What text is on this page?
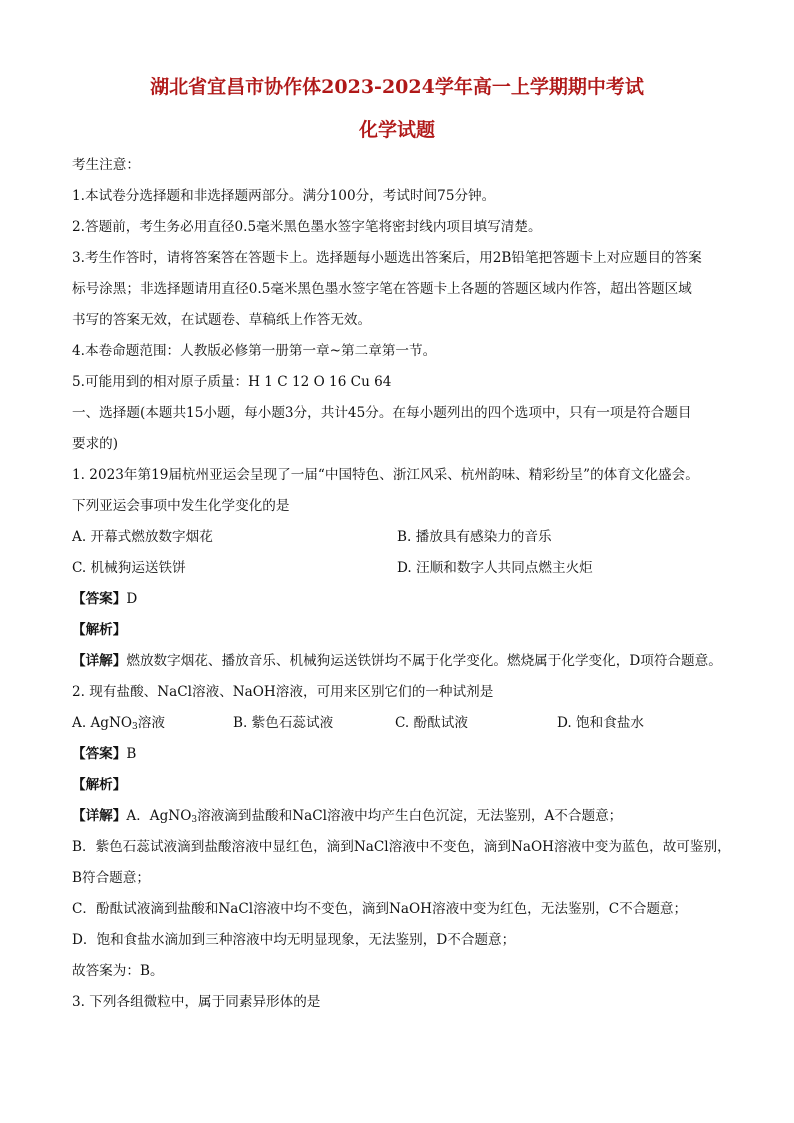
湖北省宜昌市协作体2023-2024学年高一上学期期中考试
化学试题
考生注意：
1.本试卷分选择题和非选择题两部分。满分100分，考试时间75分钟。
2.答题前，考生务必用直径0.5毫米黑色墨水签字笔将密封线内项目填写清楚。
3.考生作答时，请将答案答在答题卡上。选择题每小题选出答案后，用2B铅笔把答题卡上对应题目的答案
标号涂黑；非选择题请用直径0.5毫米黑色墨水签字笔在答题卡上各题的答题区域内作答，超出答题区域
书写的答案无效，在试题卷、草稿纸上作答无效。
4.本卷命题范围：人教版必修第一册第一章~第二章第一节。
5.可能用到的相对原子质量：H 1 C 12 O 16 Cu 64
一、选择题(本题共15小题，每小题3分，共计45分。在每小题列出的四个选项中，只有一项是符合题目
要求的)
1. 2023年第19届杭州亚运会呈现了一届“中国特色、浙江风采、杭州韵味、精彩纷呈”的体育文化盛会。
下列亚运会事项中发生化学变化的是
A. 开幕式燃放数字烟花	B. 播放具有感染力的音乐
C. 机械狗运送铁饼	D. 汪顺和数字人共同点燃主火炬
【答案】D
【解析】
【详解】燃放数字烟花、播放音乐、机械狗运送铁饼均不属于化学变化。燃烧属于化学变化，D项符合题意。
2. 现有盐酸、NaCl溶液、NaOH溶液，可用来区别它们的一种试剂是
A. AgNO$_3$溶液	B. 紫色石蕊试液	C. 酚酞试液	D. 饱和食盐水
【答案】B
【解析】
【详解】A．AgNO$_3$溶液滴到盐酸和NaCl溶液中均产生白色沉淀，无法鉴别，A不合题意；
B．紫色石蕊试液滴到盐酸溶液中显红色，滴到NaCl溶液中不变色，滴到NaOH溶液中变为蓝色，故可鉴别，
B符合题意；
C．酚酞试液滴到盐酸和NaCl溶液中均不变色，滴到NaOH溶液中变为红色，无法鉴别，C不合题意；
D．饱和食盐水滴加到三种溶液中均无明显现象，无法鉴别，D不合题意；
故答案为：B。
3. 下列各组微粒中，属于同素异形体的是
